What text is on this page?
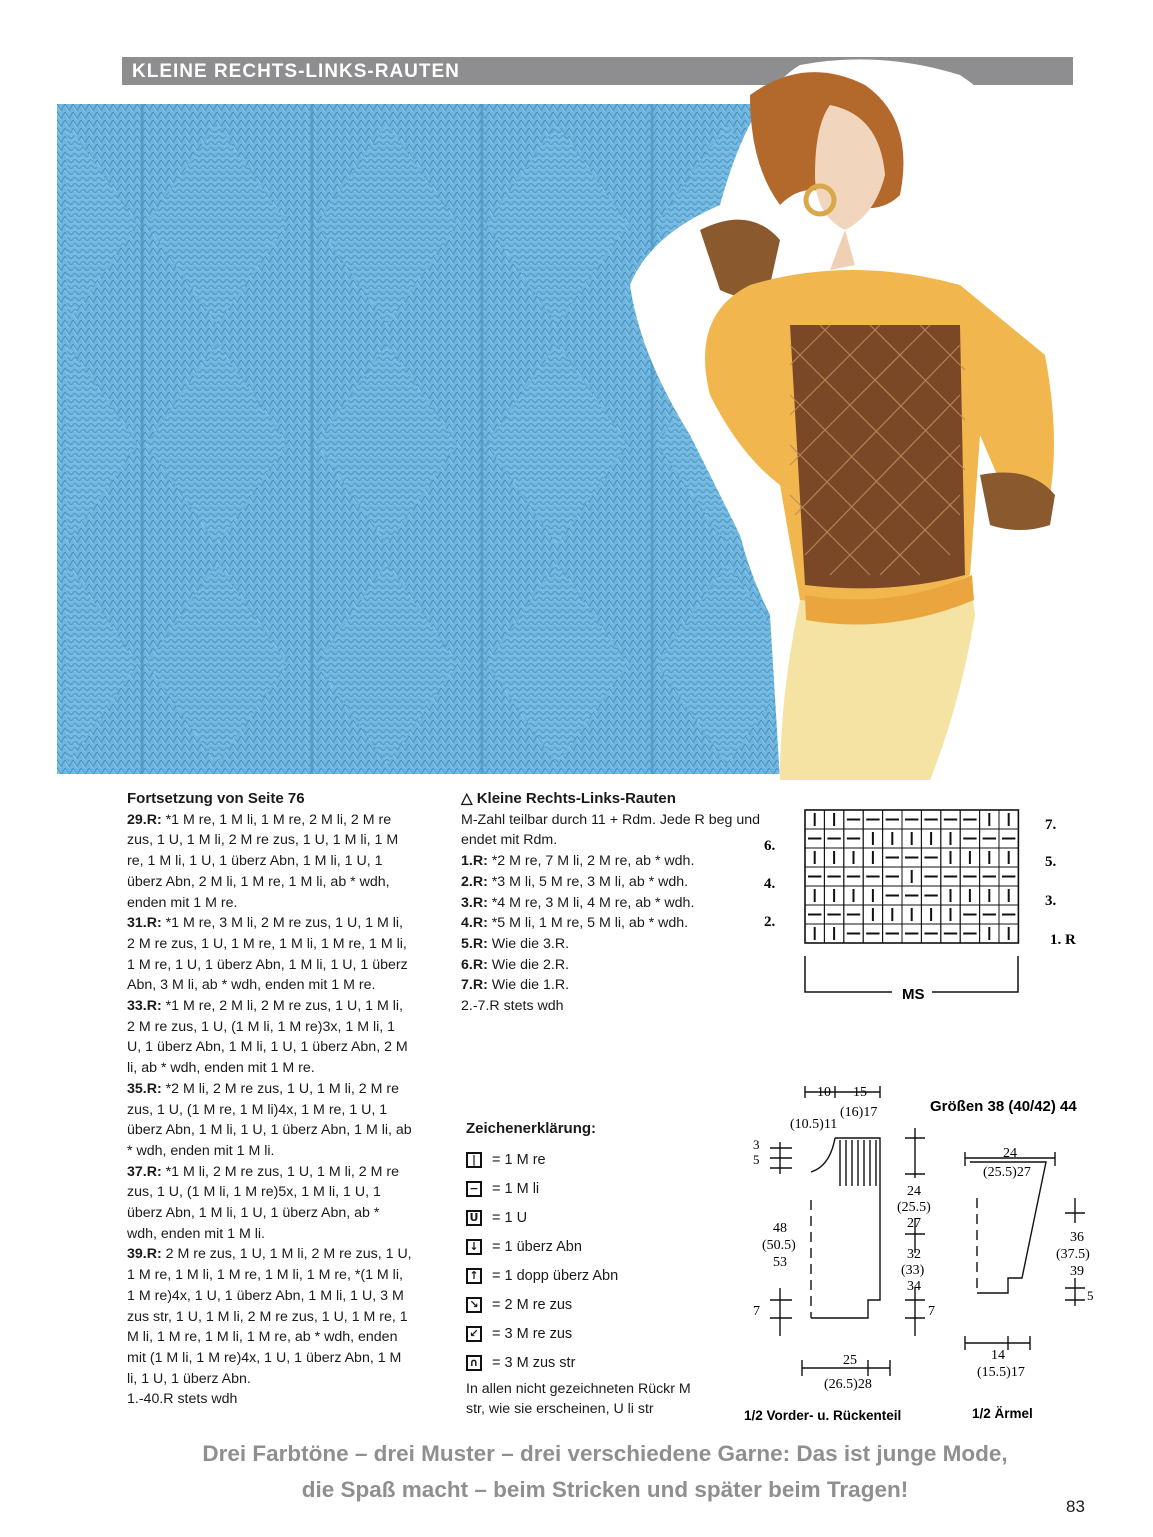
KLEINE RECHTS-LINKS-RAUTEN
Fortsetzung von Seite 76
29.R: *1 M re, 1 M li, 1 M re, 2 M li, 2 M re zus, 1 U, 1 M li, 2 M re zus, 1 U, 1 M li, 1 M re, 1 M li, 1 U, 1 überz Abn, 1 M li, 1 U, 1 überz Abn, 2 M li, 1 M re, 1 M li, ab * wdh, enden mit 1 M re.
31.R: *1 M re, 3 M li, 2 M re zus, 1 U, 1 M li, 2 M re zus, 1 U, 1 M re, 1 M li, 1 M re, 1 M li, 1 M re, 1 U, 1 überz Abn, 1 M li, 1 U, 1 überz Abn, 3 M li, ab * wdh, enden mit 1 M re.
33.R: *1 M re, 2 M li, 2 M re zus, 1 U, 1 M li, 2 M re zus, 1 U, (1 M li, 1 M re)3x, 1 M li, 1 U, 1 überz Abn, 1 M li, 1 U, 1 überz Abn, 2 M li, ab * wdh, enden mit 1 M re.
35.R: *2 M li, 2 M re zus, 1 U, 1 M li, 2 M re zus, 1 U, (1 M re, 1 M li)4x, 1 M re, 1 U, 1 überz Abn, 1 M li, 1 U, 1 überz Abn, 1 M li, ab * wdh, enden mit 1 M li.
37.R: *1 M li, 2 M re zus, 1 U, 1 M li, 2 M re zus, 1 U, (1 M li, 1 M re)5x, 1 M li, 1 U, 1 überz Abn, 1 M li, 1 U, 1 überz Abn, ab * wdh, enden mit 1 M li.
39.R: 2 M re zus, 1 U, 1 M li, 2 M re zus, 1 U, 1 M re, 1 M li, 1 M re, 1 M li, 1 M re, *(1 M li, 1 M re)4x, 1 U, 1 überz Abn, 1 M li, 1 U, 3 M zus str, 1 U, 1 M li, 2 M re zus, 1 U, 1 M re, 1 M li, 1 M re, 1 M li, 1 M re, ab * wdh, enden mit (1 M li, 1 M re)4x, 1 U, 1 überz Abn, 1 M li, 1 U, 1 überz Abn.
1.-40.R stets wdh
△ Kleine Rechts-Links-Rauten
M-Zahl teilbar durch 11 + Rdm. Jede R beg und endet mit Rdm.
1.R: *2 M re, 7 M li, 2 M re, ab * wdh.
2.R: *3 M li, 5 M re, 3 M li, ab * wdh.
3.R: *4 M re, 3 M li, 4 M re, ab * wdh.
4.R: *5 M li, 1 M re, 5 M li, ab * wdh.
5.R: Wie die 3.R.
6.R: Wie die 2.R.
7.R: Wie die 1.R.
2.-7.R stets wdh
6.
4.
2.
7.
5.
3.
1. R
MS
Zeichenerklärung:
|	= 1 M re
− = 1 M li
U = 1 U
↓ = 1 überz Abn
↑ = 1 dopp überz Abn
↘ = 2 M re zus
↙ = 3 M re zus
∩ = 3 M zus str
In allen nicht gezeichneten Rückr M str, wie sie erscheinen, U li str
Größen 38 (40/42) 44
10 15
(10.5)11
(16)17
3
5
24
(25.5)
27
48
(50.5)
53
32
(33)
34
7	7
25
(26.5)28
1/2 Vorder- u. Rückenteil
24
(25.5)27
36
(37.5)
39
5
14
(15.5)17
1/2 Ärmel
Drei Farbtöne – drei Muster – drei verschiedene Garne: Das ist junge Mode,
die Spaß macht – beim Stricken und später beim Tragen!
83
